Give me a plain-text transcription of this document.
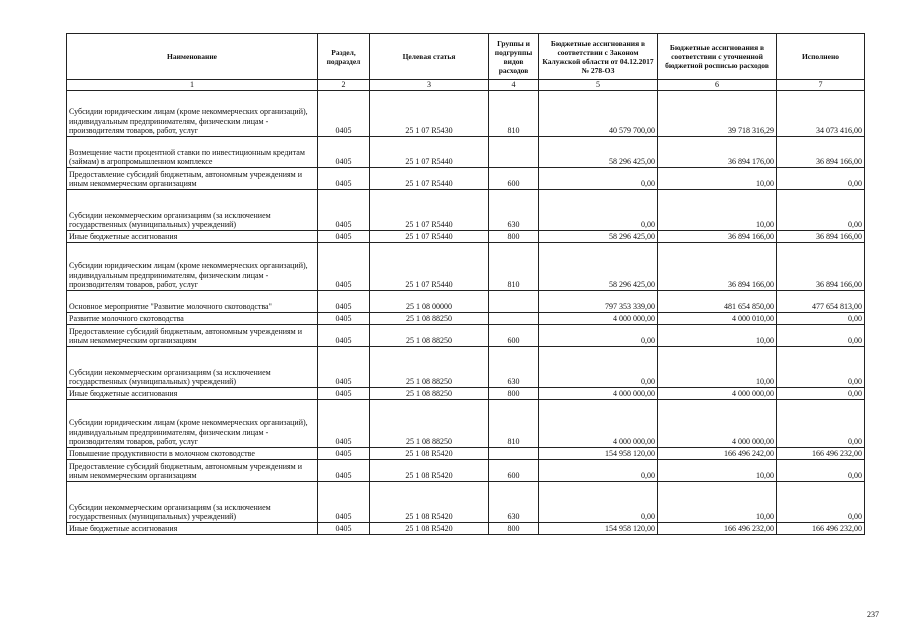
Наименование	Раздел, подраздел	Целевая статья	Группы и подгруппы видов расходов	Бюджетные ассигнования в соответствии с Законом Калужской области от 04.12.2017 № 278-ОЗ	Бюджетные ассигнования в соответствии с уточненной бюджетной росписью расходов	Исполнено
1	2	3	4	5	6	7
Субсидии юридическим лицам (кроме некоммерческих организаций), индивидуальным предпринимателям, физическим лицам - производителям товаров, работ, услуг	0405	25 1 07 R5430	810	40 579 700,00	39 718 316,29	34 073 416,00
Возмещение части процентной ставки по инвестиционным кредитам (займам) в агропромышленном комплексе	0405	25 1 07 R5440		58 296 425,00	36 894 176,00	36 894 166,00
Предоставление субсидий бюджетным, автономным учреждениям и иным некоммерческим организациям	0405	25 1 07 R5440	600	0,00	10,00	0,00
Субсидии некоммерческим организациям (за исключением государственных (муниципальных) учреждений)	0405	25 1 07 R5440	630	0,00	10,00	0,00
Иные бюджетные ассигнования	0405	25 1 07 R5440	800	58 296 425,00	36 894 166,00	36 894 166,00
Субсидии юридическим лицам (кроме некоммерческих организаций), индивидуальным предпринимателям, физическим лицам - производителям товаров, работ, услуг	0405	25 1 07 R5440	810	58 296 425,00	36 894 166,00	36 894 166,00
Основное мероприятие "Развитие молочного скотоводства"	0405	25 1 08 00000		797 353 339,00	481 654 850,00	477 654 813,00
Развитие молочного скотоводства	0405	25 1 08 88250		4 000 000,00	4 000 010,00	0,00
Предоставление субсидий бюджетным, автономным учреждениям и иным некоммерческим организациям	0405	25 1 08 88250	600	0,00	10,00	0,00
Субсидии некоммерческим организациям (за исключением государственных (муниципальных) учреждений)	0405	25 1 08 88250	630	0,00	10,00	0,00
Иные бюджетные ассигнования	0405	25 1 08 88250	800	4 000 000,00	4 000 000,00	0,00
Субсидии юридическим лицам (кроме некоммерческих организаций), индивидуальным предпринимателям, физическим лицам - производителям товаров, работ, услуг	0405	25 1 08 88250	810	4 000 000,00	4 000 000,00	0,00
Повышение продуктивности в молочном скотоводстве	0405	25 1 08 R5420		154 958 120,00	166 496 242,00	166 496 232,00
Предоставление субсидий бюджетным, автономным учреждениям и иным некоммерческим организациям	0405	25 1 08 R5420	600	0,00	10,00	0,00
Субсидии некоммерческим организациям (за исключением государственных (муниципальных) учреждений)	0405	25 1 08 R5420	630	0,00	10,00	0,00
Иные бюджетные ассигнования	0405	25 1 08 R5420	800	154 958 120,00	166 496 232,00	166 496 232,00
237
